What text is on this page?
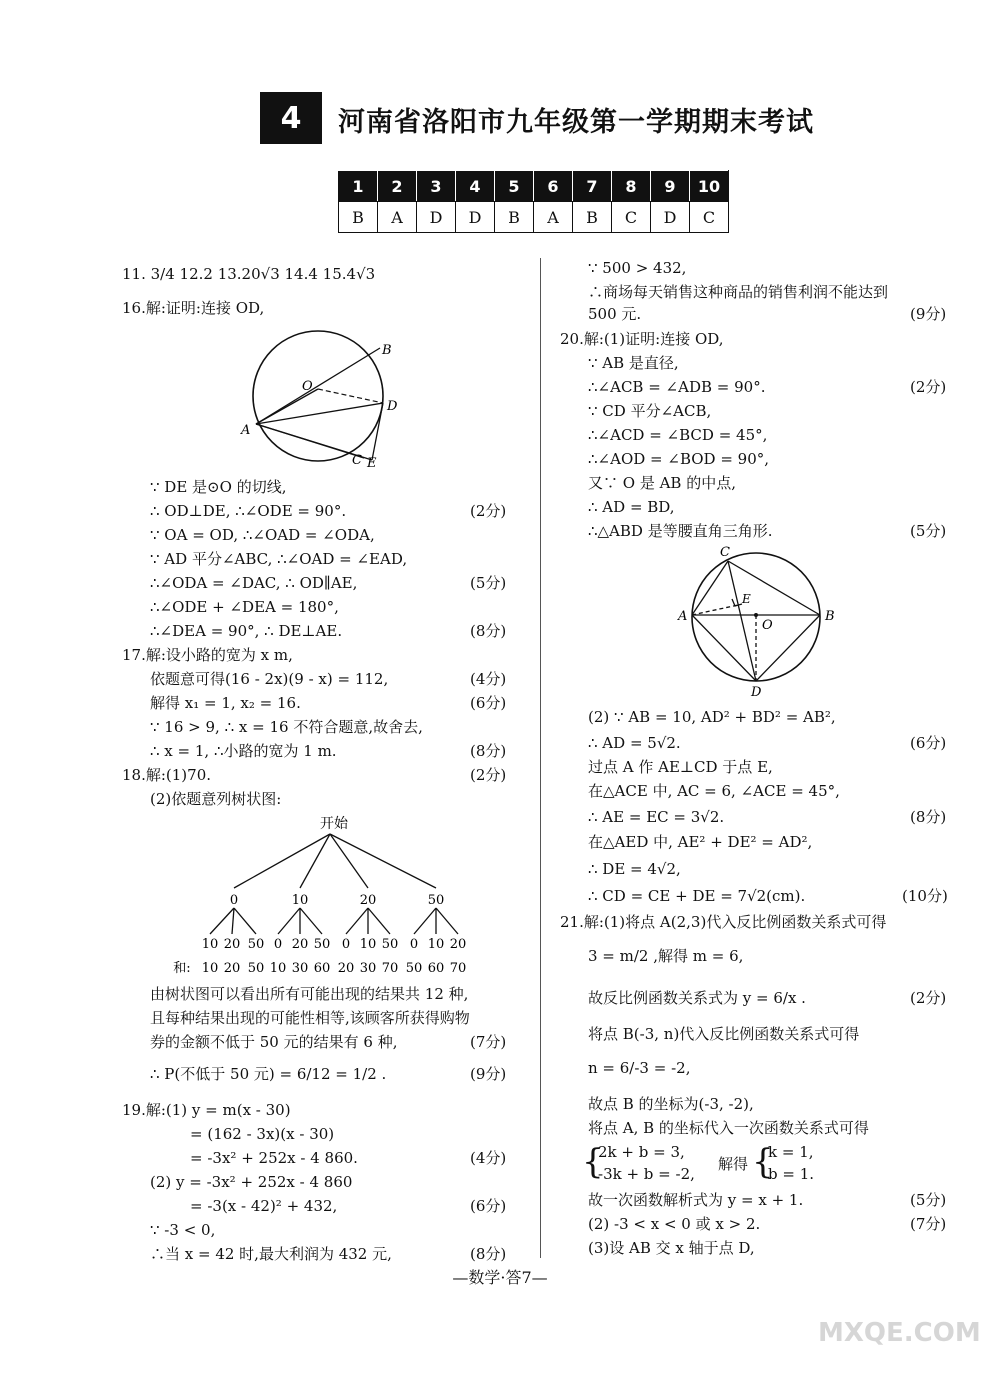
4 河南省洛阳市九年级第一学期期末考试
1	2	3	4	5	6	7	8	9	10
B	A	D	D	B	A	B	C	D	C
11. 3/4 12.2 13.20√3 14.4 15.4√3
16.解:证明:连接 OD,
O
B
D
A
C E
∵ DE 是⊙O 的切线,
∴ OD⊥DE, ∴∠ODE = 90°.	(2分)
∵ OA = OD, ∴∠OAD = ∠ODA,
∵ AD 平分∠ABC, ∴∠OAD = ∠EAD,
∴∠ODA = ∠DAC, ∴ OD∥AE,	(5分)
∴∠ODE + ∠DEA = 180°,
∴∠DEA = 90°, ∴ DE⊥AE.	(8分)
17.解:设小路的宽为 x m,
依题意可得(16 - 2x)(9 - x) = 112,	(4分)
解得 x₁ = 1, x₂ = 16.	(6分)
∵ 16 > 9, ∴ x = 16 不符合题意,故舍去,
∴ x = 1, ∴小路的宽为 1 m.	(8分)
18.解:(1)70.	(2分)
(2)依题意列树状图:
开始
0	10	20	50
10 20 50 0 20 50 0 10 50 0 10 20
和: 10 20 50 10 30 60 20 30 70 50 60 70
由树状图可以看出所有可能出现的结果共 12 种,
且每种结果出现的可能性相等,该顾客所获得购物
券的金额不低于 50 元的结果有 6 种,	(7分)
∴ P(不低于 50 元) = 6/12 = 1/2 .	(9分)
19.解:(1) y = m(x - 30)
= (162 - 3x)(x - 30)
= -3x² + 252x - 4 860.	(4分)
(2) y = -3x² + 252x - 4 860
= -3(x - 42)² + 432,	(6分)
∵ -3 < 0,
∴当 x = 42 时,最大利润为 432 元,	(8分)
∵ 500 > 432,
∴商场每天销售这种商品的销售利润不能达到
500 元.	(9分)
20.解:(1)证明:连接 OD,
∵ AB 是直径,
∴∠ACB = ∠ADB = 90°.	(2分)
∵ CD 平分∠ACB,
∴∠ACD = ∠BCD = 45°,
∴∠AOD = ∠BOD = 90°,
又∵ O 是 AB 的中点,
∴ AD = BD,
∴△ABD 是等腰直角三角形.	(5分)
C
E
A
O
B
D
(2) ∵ AB = 10, AD² + BD² = AB²,
∴ AD = 5√2.	(6分)
过点 A 作 AE⊥CD 于点 E,
在△ACE 中, AC = 6, ∠ACE = 45°,
∴ AE = EC = 3√2.	(8分)
在△AED 中, AE² + DE² = AD²,
∴ DE = 4√2,
∴ CD = CE + DE = 7√2(cm).	(10分)
21.解:(1)将点 A(2,3)代入反比例函数关系式可得
3 = m/2 ,解得 m = 6,
故反比例函数关系式为 y = 6/x .	(2分)
将点 B(-3, n)代入反比例函数关系式可得
n = 6/-3 = -2,
故点 B 的坐标为(-3, -2),
将点 A, B 的坐标代入一次函数关系式可得
{
2k + b = 3,
-3k + b = -2,
解得 {
k = 1,
b = 1.
故一次函数解析式为 y = x + 1.	(5分)
(2) -3 < x < 0 或 x > 2.	(7分)
(3)设 AB 交 x 轴于点 D,
—数学·答7—
MXQE.COM
